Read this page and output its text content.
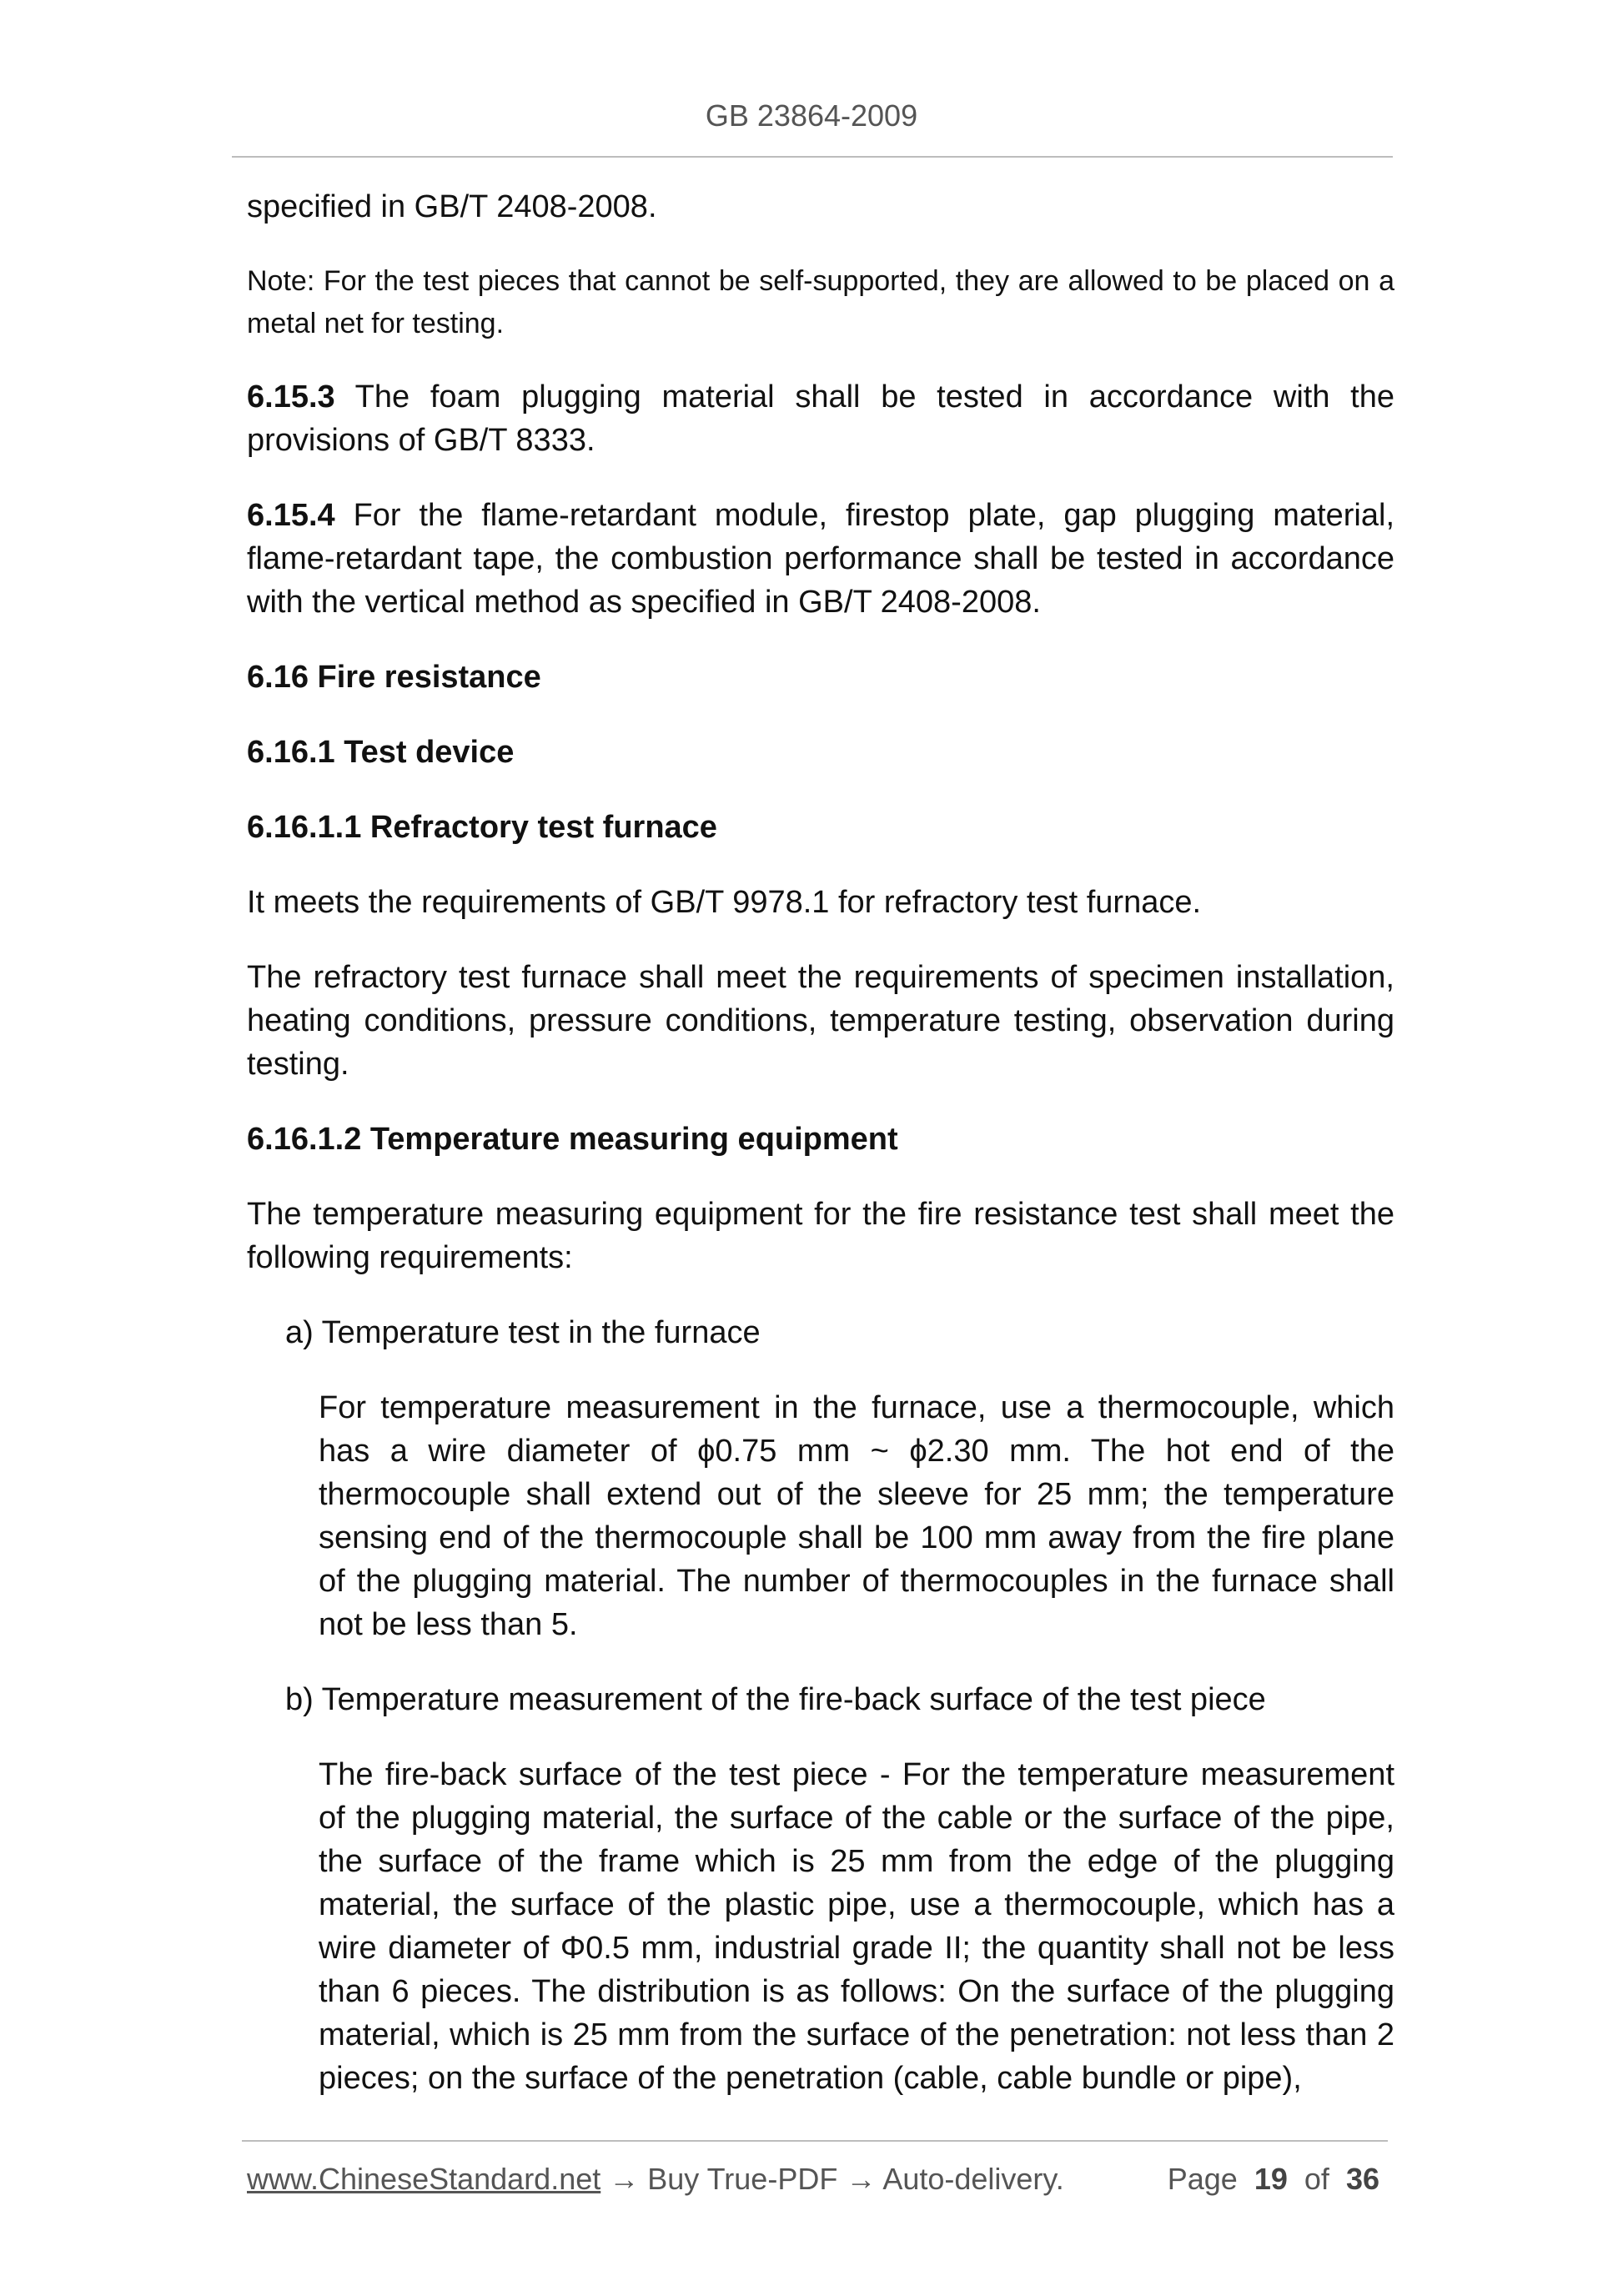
GB 23864-2009

specified in GB/T 2408-2008.

Note: For the test pieces that cannot be self-supported, they are allowed to be placed on a metal net for testing.

6.15.3 The foam plugging material shall be tested in accordance with the provisions of GB/T 8333.

6.15.4 For the flame-retardant module, firestop plate, gap plugging material, flame-retardant tape, the combustion performance shall be tested in accordance with the vertical method as specified in GB/T 2408-2008.

6.16 Fire resistance

6.16.1 Test device

6.16.1.1 Refractory test furnace

It meets the requirements of GB/T 9978.1 for refractory test furnace.

The refractory test furnace shall meet the requirements of specimen installation, heating conditions, pressure conditions, temperature testing, observation during testing.

6.16.1.2 Temperature measuring equipment

The temperature measuring equipment for the fire resistance test shall meet the following requirements:

a) Temperature test in the furnace

For temperature measurement in the furnace, use a thermocouple, which has a wire diameter of ϕ0.75 mm ~ ϕ2.30 mm. The hot end of the thermocouple shall extend out of the sleeve for 25 mm; the temperature sensing end of the thermocouple shall be 100 mm away from the fire plane of the plugging material. The number of thermocouples in the furnace shall not be less than 5.

b) Temperature measurement of the fire-back surface of the test piece

The fire-back surface of the test piece - For the temperature measurement of the plugging material, the surface of the cable or the surface of the pipe, the surface of the frame which is 25 mm from the edge of the plugging material, the surface of the plastic pipe, use a thermocouple, which has a wire diameter of Φ0.5 mm, industrial grade II; the quantity shall not be less than 6 pieces. The distribution is as follows: On the surface of the plugging material, which is 25 mm from the surface of the penetration: not less than 2 pieces; on the surface of the penetration (cable, cable bundle or pipe),

www.ChineseStandard.net → Buy True-PDF → Auto-delivery.	Page 19 of 36
